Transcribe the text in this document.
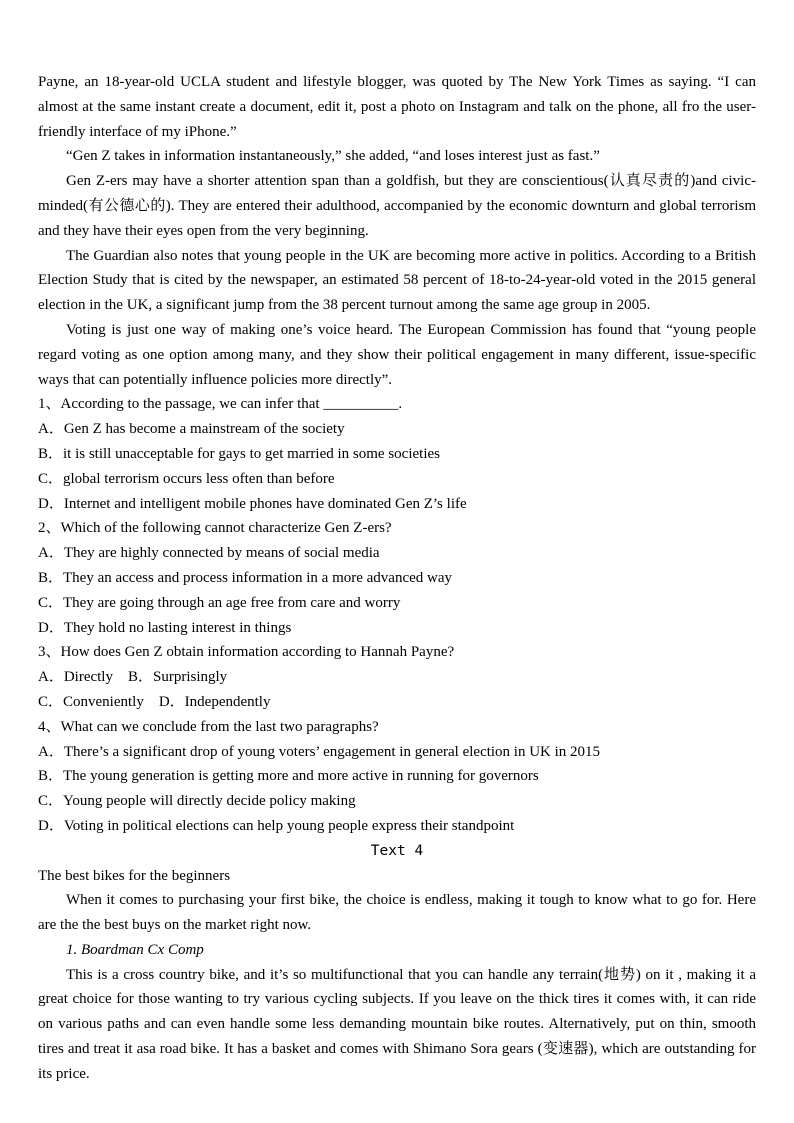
Payne, an 18-year-old UCLA student and lifestyle blogger, was quoted by The New York Times as saying. “I can almost at the same instant create a document, edit it, post a photo on Instagram and talk on the phone, all fro the user-friendly interface of my iPhone.”

“Gen Z takes in information instantaneously,” she added, “and loses interest just as fast.”

Gen Z-ers may have a shorter attention span than a goldfish, but they are conscientious(认真尽责的)and civic-minded(有公德心的). They are entered their adulthood, accompanied by the economic downturn and global terrorism and they have their eyes open from the very beginning.

The Guardian also notes that young people in the UK are becoming more active in politics. According to a British Election Study that is cited by the newspaper, an estimated 58 percent of 18-to-24-year-old voted in the 2015 general election in the UK, a significant jump from the 38 percent turnout among the same age group in 2005.

Voting is just one way of making one’s voice heard. The European Commission has found that “young people regard voting as one option among many, and they show their political engagement in many different, issue-specific ways that can potentially influence policies more directly”.

1、According to the passage, we can infer that __________.

A．Gen Z has become a mainstream of the society

B．it is still unacceptable for gays to get married in some societies

C．global terrorism occurs less often than before

D．Internet and intelligent mobile phones have dominated Gen Z’s life

2、Which of the following cannot characterize Gen Z-ers?

A．They are highly connected by means of social media

B．They an access and process information in a more advanced way

C．They are going through an age free from care and worry

D．They hold no lasting interest in things

3、How does Gen Z obtain information according to Hannah Payne?

A．Directly    B．Surprisingly

C．Conveniently    D．Independently

4、What can we conclude from the last two paragraphs?

A．There’s a significant drop of young voters’ engagement in general election in UK in 2015

B．The young generation is getting more and more active in running for governors

C．Young people will directly decide policy making

D．Voting in political elections can help young people express their standpoint

Text 4

The best bikes for the beginners

When it comes to purchasing your first bike, the choice is endless, making it tough to know what to go for. Here are the the best buys on the market right now.

1. Boardman Cx Comp

This is a cross country bike, and it’s so multifunctional that you can handle any terrain(地势) on it , making it a great choice for those wanting to try various cycling subjects. If you leave on the thick tires it comes with, it can ride on various paths and can even handle some less demanding mountain bike routes. Alternatively, put on thin, smooth tires and treat it asa road bike. It has a basket and comes with Shimano Sora gears (变速器), which are outstanding for its price.
